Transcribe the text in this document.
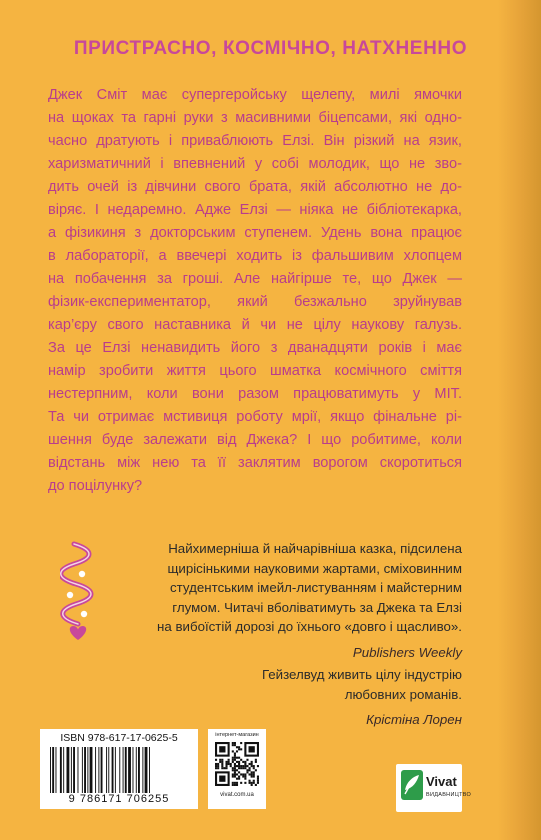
ПРИСТРАСНО, КОСМІЧНО, НАТХНЕННО

Джек Сміт має супергеройську щелепу, милі ямочки
на щоках та гарні руки з масивними біцепсами, які одно-
часно дратують і приваблюють Елзі. Він різкий на язик,
харизматичний і впевнений у собі молодик, що не зво-
дить очей із дівчини свого брата, якій абсолютно не до-
віряє. І недаремно. Адже Елзі — ніяка не бібліотекарка,
а фізикиня з докторським ступенем. Удень вона працює
в лабораторії, а ввечері ходить із фальшивим хлопцем
на побачення за гроші. Але найгірше те, що Джек —
фізик-експериментатор, який безжально зруйнував
кар’єру свого наставника й чи не цілу наукову галузь.
За це Елзі ненавидить його з дванадцяти років і має
намір зробити життя цього шматка космічного сміття
нестерпним, коли вони разом працюватимуть у MIT.
Та чи отримає мстивиця роботу мрії, якщо фінальне рі-
шення буде залежати від Джека? І що робитиме, коли
відстань між нею та її заклятим ворогом скоротиться
до поцілунку?

Найхимерніша й найчарівніша казка, підсилена
щирісінькими науковими жартами, сміховинним
студентським імейл-листуванням і майстерним
глумом. Читачі вболіватимуть за Джека та Елзі
на вибоїстій дорозі до їхнього «довго і щасливо».
Publishers Weekly
Гейзелвуд живить цілу індустрію
любовних романів.
Крістіна Лорен
ISBN 978-617-17-0625-5
9 786171 706255
інтернет-магазин
vivat.com.ua
Vivat
ВИДАВНИЦТВО
